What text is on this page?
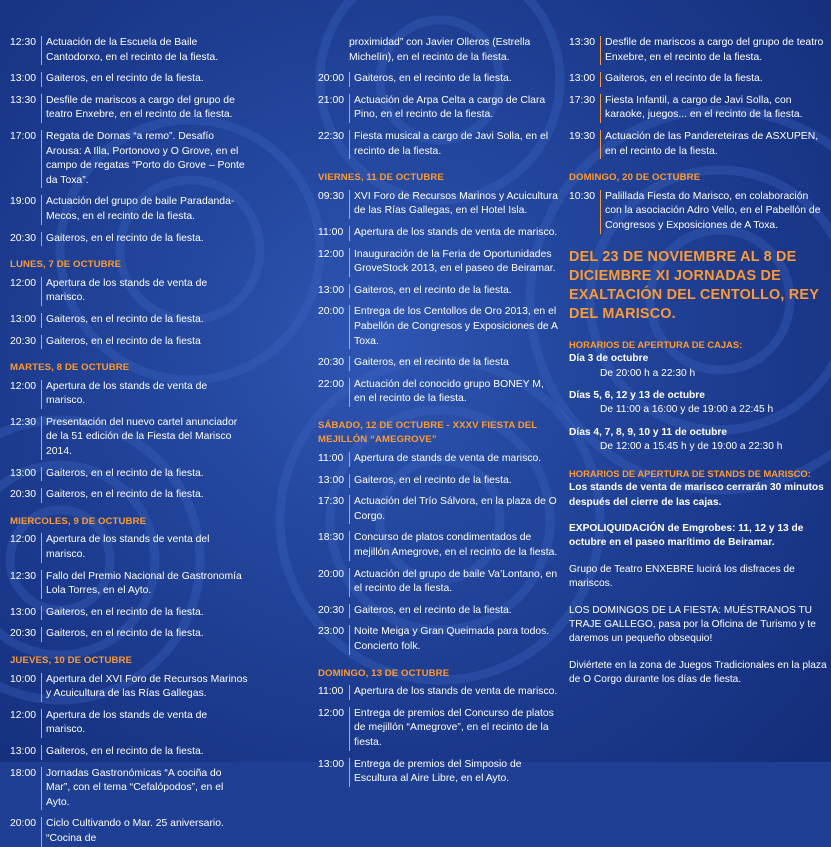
12:30 Actuación de la Escuela de Baile Cantodorxo, en el recinto de la fiesta.
13:00 Gaiteros, en el recinto de la fiesta.
13:30 Desfile de mariscos a cargo del grupo de teatro Enxebre, en el recinto de la fiesta.
17:00 Regata de Dornas “a remo”. Desafío Arousa: A Illa, Portonovo y O Grove, en el campo de regatas “Porto do Grove – Ponte da Toxa”.
19:00 Actuación del grupo de baile Paradanda-Mecos, en el recinto de la fiesta.
20:30 Gaiteros, en el recinto de la fiesta.
LUNES, 7 DE OCTUBRE
12:00 Apertura de los stands de venta de marisco.
13:00 Gaiteros, en el recinto de la fiesta.
20:30 Gaiteros, en el recinto de la fiesta
MARTES, 8 DE OCTUBRE
12:00 Apertura de los stands de venta de marisco.
12:30 Presentación del nuevo cartel anunciador de la 51 edición de la Fiesta del Marisco 2014.
13:00 Gaiteros, en el recinto de la fiesta.
20:30 Gaiteros, en el recinto de la fiesta.
MIERCOLES, 9 DE OCTUBRE
12:00 Apertura de los stands de venta del marisco.
12:30 Fallo del Premio Nacional de Gastronomía Lola Torres, en el Ayto.
13:00 Gaiteros, en el recinto de la fiesta.
20:30 Gaiteros, en el recinto de la fiesta.
JUEVES, 10 DE OCTUBRE
10:00 Apertura del XVI Foro de Recursos Marinos y Acuicultura de las Rías Gallegas.
12:00 Apertura de los stands de venta de marisco.
13:00 Gaiteros, en el recinto de la fiesta.
18:00 Jornadas Gastronómicas “A cociña do Mar”, con el tema “Cefalópodos”, en el Ayto.
20:00 Ciclo Cultivando o Mar. 25 aniversario. “Cocina de
proximidad” con Javier Olleros (Estrella Michelín), en el recinto de la fiesta.
20:00 Gaiteros, en el recinto de la fiesta.
21:00 Actuación de Arpa Celta a cargo de Clara Pino, en el recinto de la fiesta.
22:30 Fiesta musical a cargo de Javi Solla, en el recinto de la fiesta.
VIERNES, 11 DE OCTUBRE
09:30 XVI Foro de Recursos Marinos y Acuicultura de las Rías Gallegas, en el Hotel Isla.
11:00	Apertura de los stands de venta de marisco.
12:00 Inauguración de la Feria de Oportunidades GroveStock 2013, en el paseo de Beiramar.
13:00 Gaiteros, en el recinto de la fiesta.
20:00 Entrega de los Centollos de Oro 2013, en el Pabellón de Congresos y Exposiciones de A Toxa.
20:30 Gaiteros, en el recinto de la fiesta
22:00 Actuación del conocido grupo BONEY M, en el recinto de la fiesta.
SÁBADO, 12 DE OCTUBRE - XXXV FIESTA DEL MEJILLÓN “AMEGROVE”
11:00	Apertura de stands de venta de marisco.
13:00 Gaiteros, en el recinto de la fiesta.
17:30 Actuación del Trío Sálvora, en la plaza de O Corgo.
18:30 Concurso de platos condimentados de mejillón Amegrove, en el recinto de la fiesta.
20:00 Actuación del grupo de baile Va’Lontano, en el recinto de la fiesta.
20:30 Gaiteros, en el recinto de la fiesta.
23:00 Noite Meiga y Gran Queimada para todos. Concierto folk.
DOMINGO, 13 DE OCTUBRE
11:00	Apertura de los stands de venta de marisco.
12:00 Entrega de premios del Concurso de platos de mejillón “Amegrove”, en el recinto de la fiesta.
13:00 Entrega de premios del Simposio de Escultura al Aire Libre, en el Ayto.
13:30 Desfile de mariscos a cargo del grupo de teatro Enxebre, en el recinto de la fiesta.
13:00 Gaiteros, en el recinto de la fiesta.
17:30 Fiesta Infantil, a cargo de Javi Solla, con karaoke, juegos... en el recinto de la fiesta.
19:30 Actuación de las Pandereteiras de ASXUPEN, en el recinto de la fiesta.
DOMINGO, 20 DE OCTUBRE
10:30 Palillada Fiesta do Marisco, en colaboración con la asociación Adro Vello, en el Pabellón de Congresos y Exposiciones de A Toxa.
DEL 23 DE NOVIEMBRE AL 8 DE DICIEMBRE XI JORNADAS DE EXALTACIÓN DEL CENTOLLO, REY DEL MARISCO.
HORARIOS DE APERTURA DE CAJAS:
Día 3 de octubre
De 20:00 h a 22:30 h
Días 5, 6, 12 y 13 de octubre
De 11:00 a 16:00 y de 19:00 a 22:45 h
Días 4, 7, 8, 9, 10 y 11 de octubre
De 12:00 a 15:45 h y de 19:00 a 22:30 h
HORARIOS DE APERTURA DE STANDS DE MARISCO:
Los stands de venta de marisco cerrarán 30 minutos después del cierre de las cajas.
EXPOLIQUIDACIÓN de Emgrobes: 11, 12 y 13 de octubre en el paseo marítimo de Beiramar.
Grupo de Teatro ENXEBRE lucirá los disfraces de mariscos.
LOS DOMINGOS DE LA FIESTA: MUÉSTRANOS TU TRAJE GALLEGO, pasa por la Oficina de Turismo y te daremos un pequeño obsequio!
Diviértete en la zona de Juegos Tradicionales en la plaza de O Corgo durante los días de fiesta.
